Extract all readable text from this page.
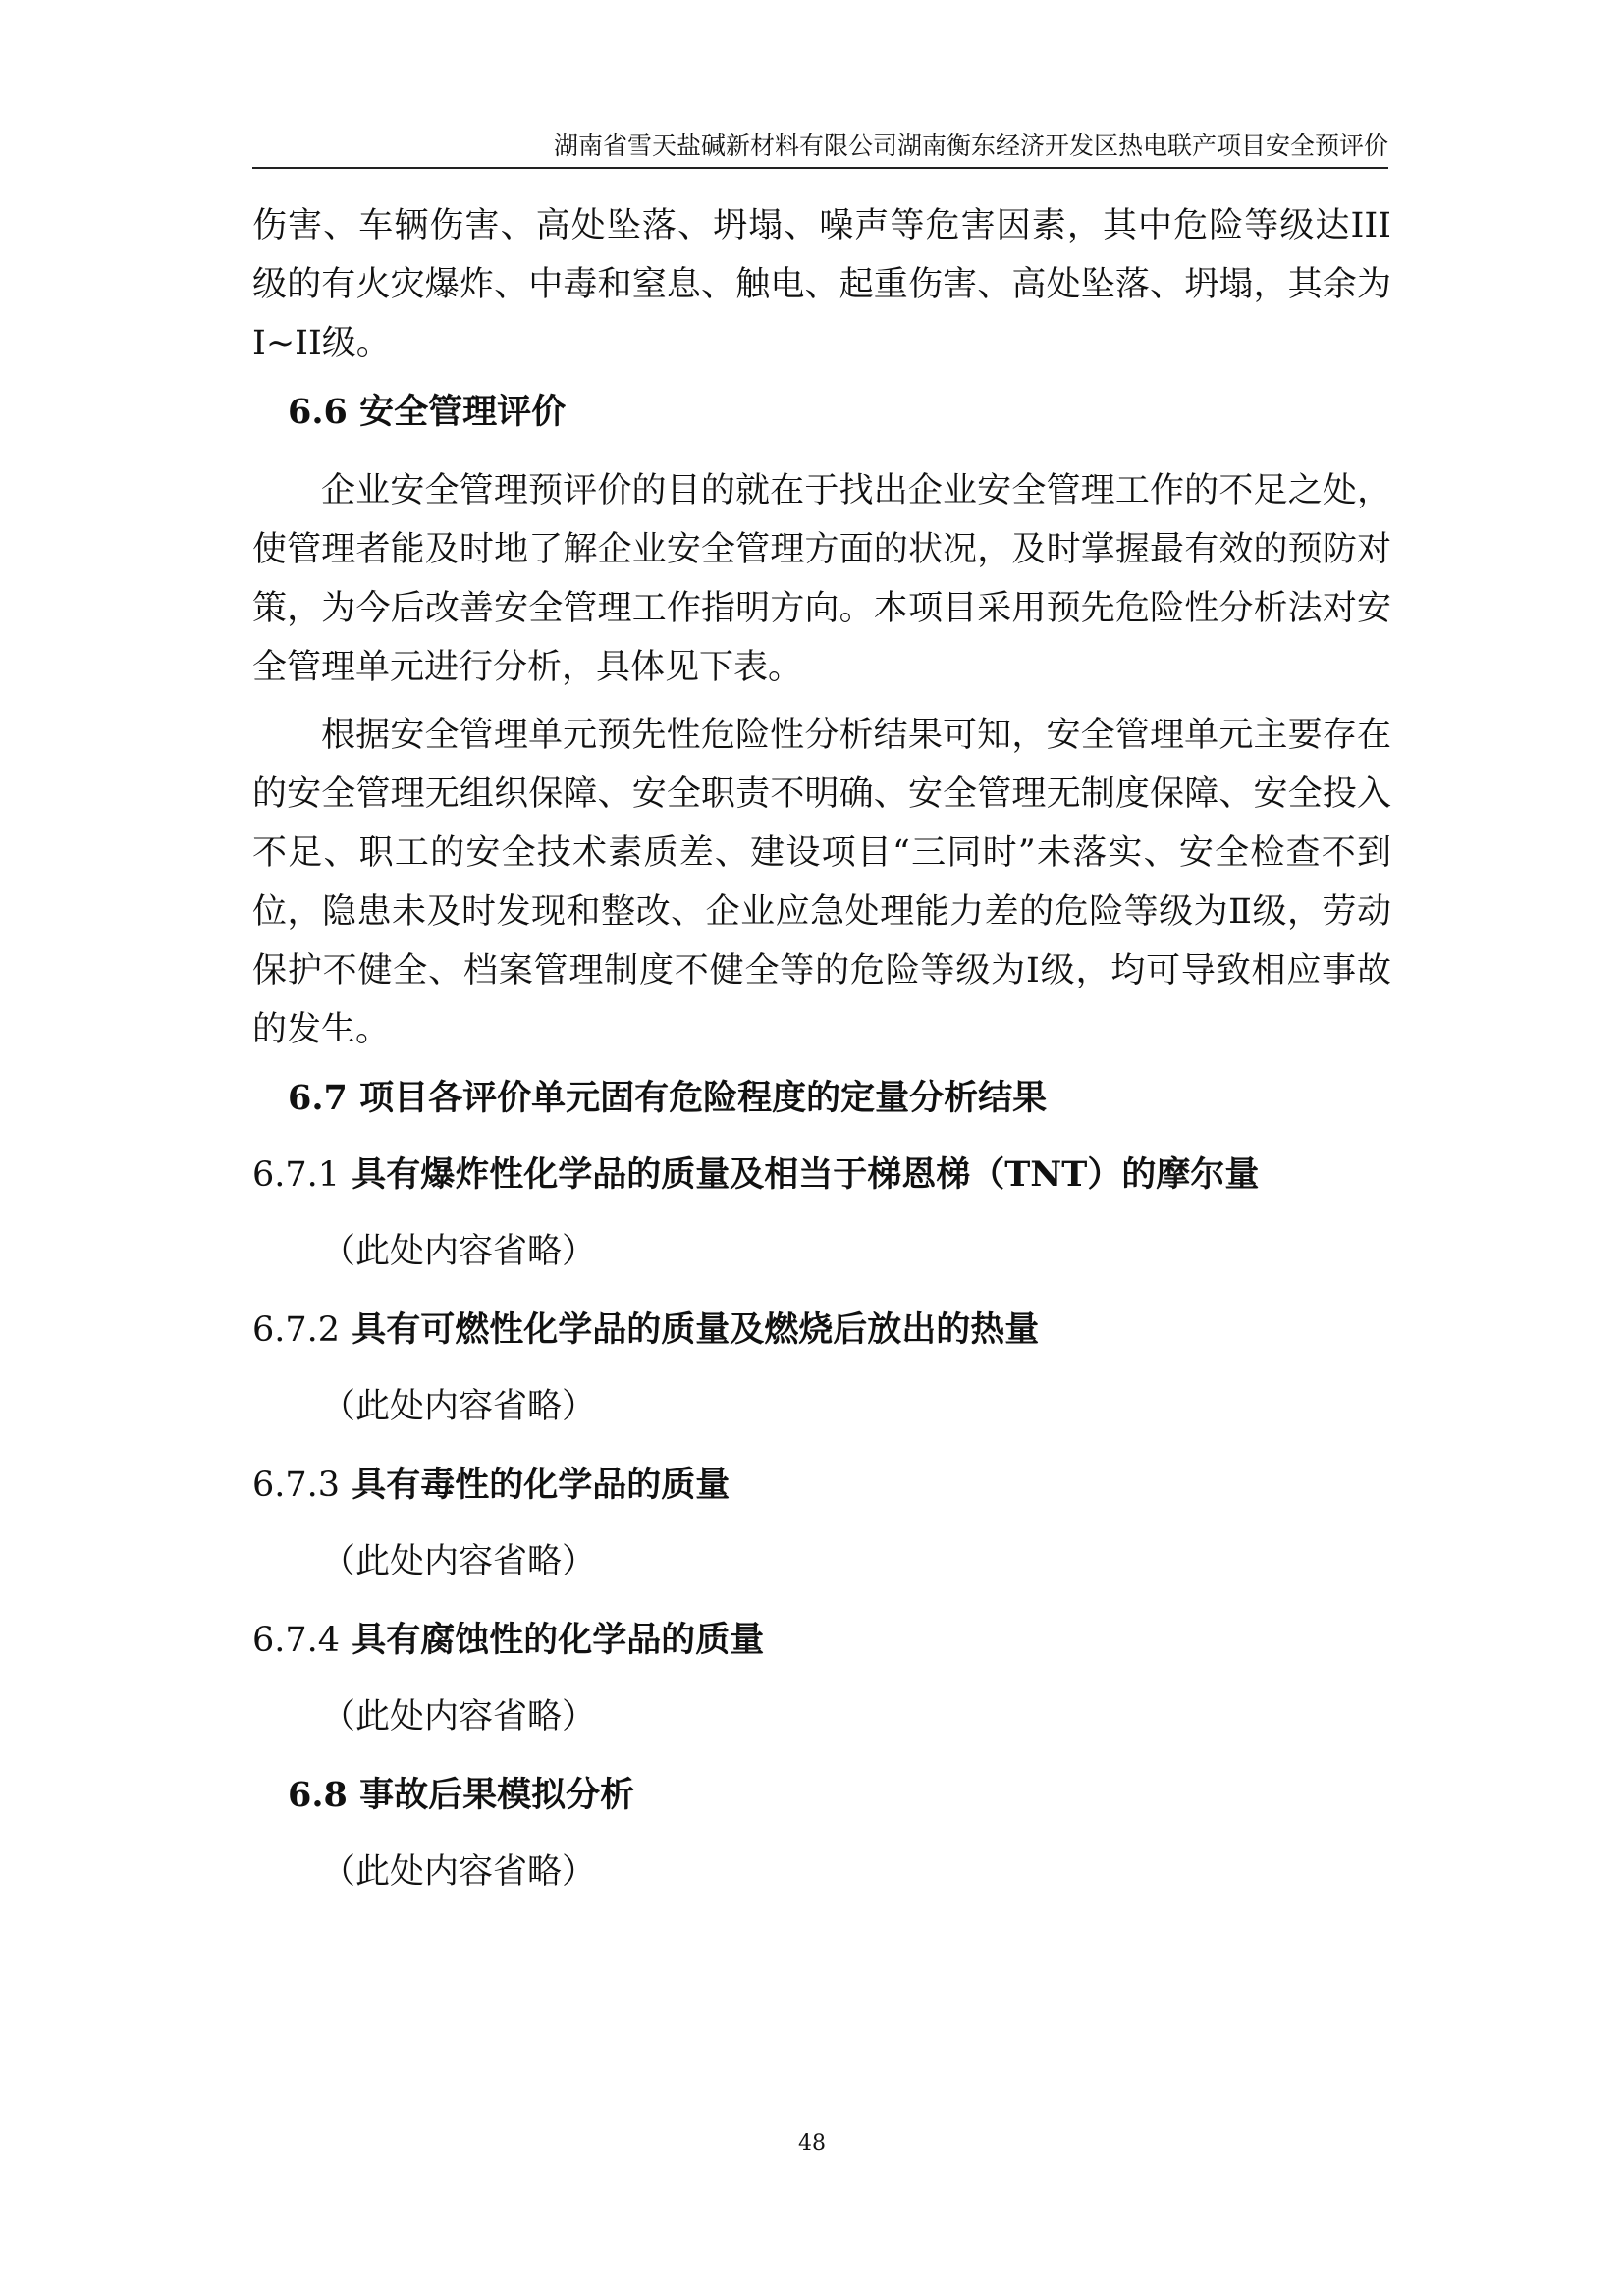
湖南省雪天盐碱新材料有限公司湖南衡东经济开发区热电联产项目安全预评价

伤害、车辆伤害、高处坠落、坍塌、噪声等危害因素，其中危险等级达III级的有火灾爆炸、中毒和窒息、触电、起重伤害、高处坠落、坍塌，其余为I~II级。

6.6 安全管理评价

企业安全管理预评价的目的就在于找出企业安全管理工作的不足之处，使管理者能及时地了解企业安全管理方面的状况，及时掌握最有效的预防对策，为今后改善安全管理工作指明方向。本项目采用预先危险性分析法对安全管理单元进行分析，具体见下表。

根据安全管理单元预先性危险性分析结果可知，安全管理单元主要存在的安全管理无组织保障、安全职责不明确、安全管理无制度保障、安全投入不足、职工的安全技术素质差、建设项目“三同时”未落实、安全检查不到位，隐患未及时发现和整改、企业应急处理能力差的危险等级为Ⅱ级，劳动保护不健全、档案管理制度不健全等的危险等级为Ⅰ级，均可导致相应事故的发生。

6.7 项目各评价单元固有危险程度的定量分析结果
6.7.1 具有爆炸性化学品的质量及相当于梯恩梯（TNT）的摩尔量
（此处内容省略）
6.7.2 具有可燃性化学品的质量及燃烧后放出的热量
（此处内容省略）
6.7.3 具有毒性的化学品的质量
（此处内容省略）
6.7.4 具有腐蚀性的化学品的质量
（此处内容省略）
6.8 事故后果模拟分析
（此处内容省略）
48
